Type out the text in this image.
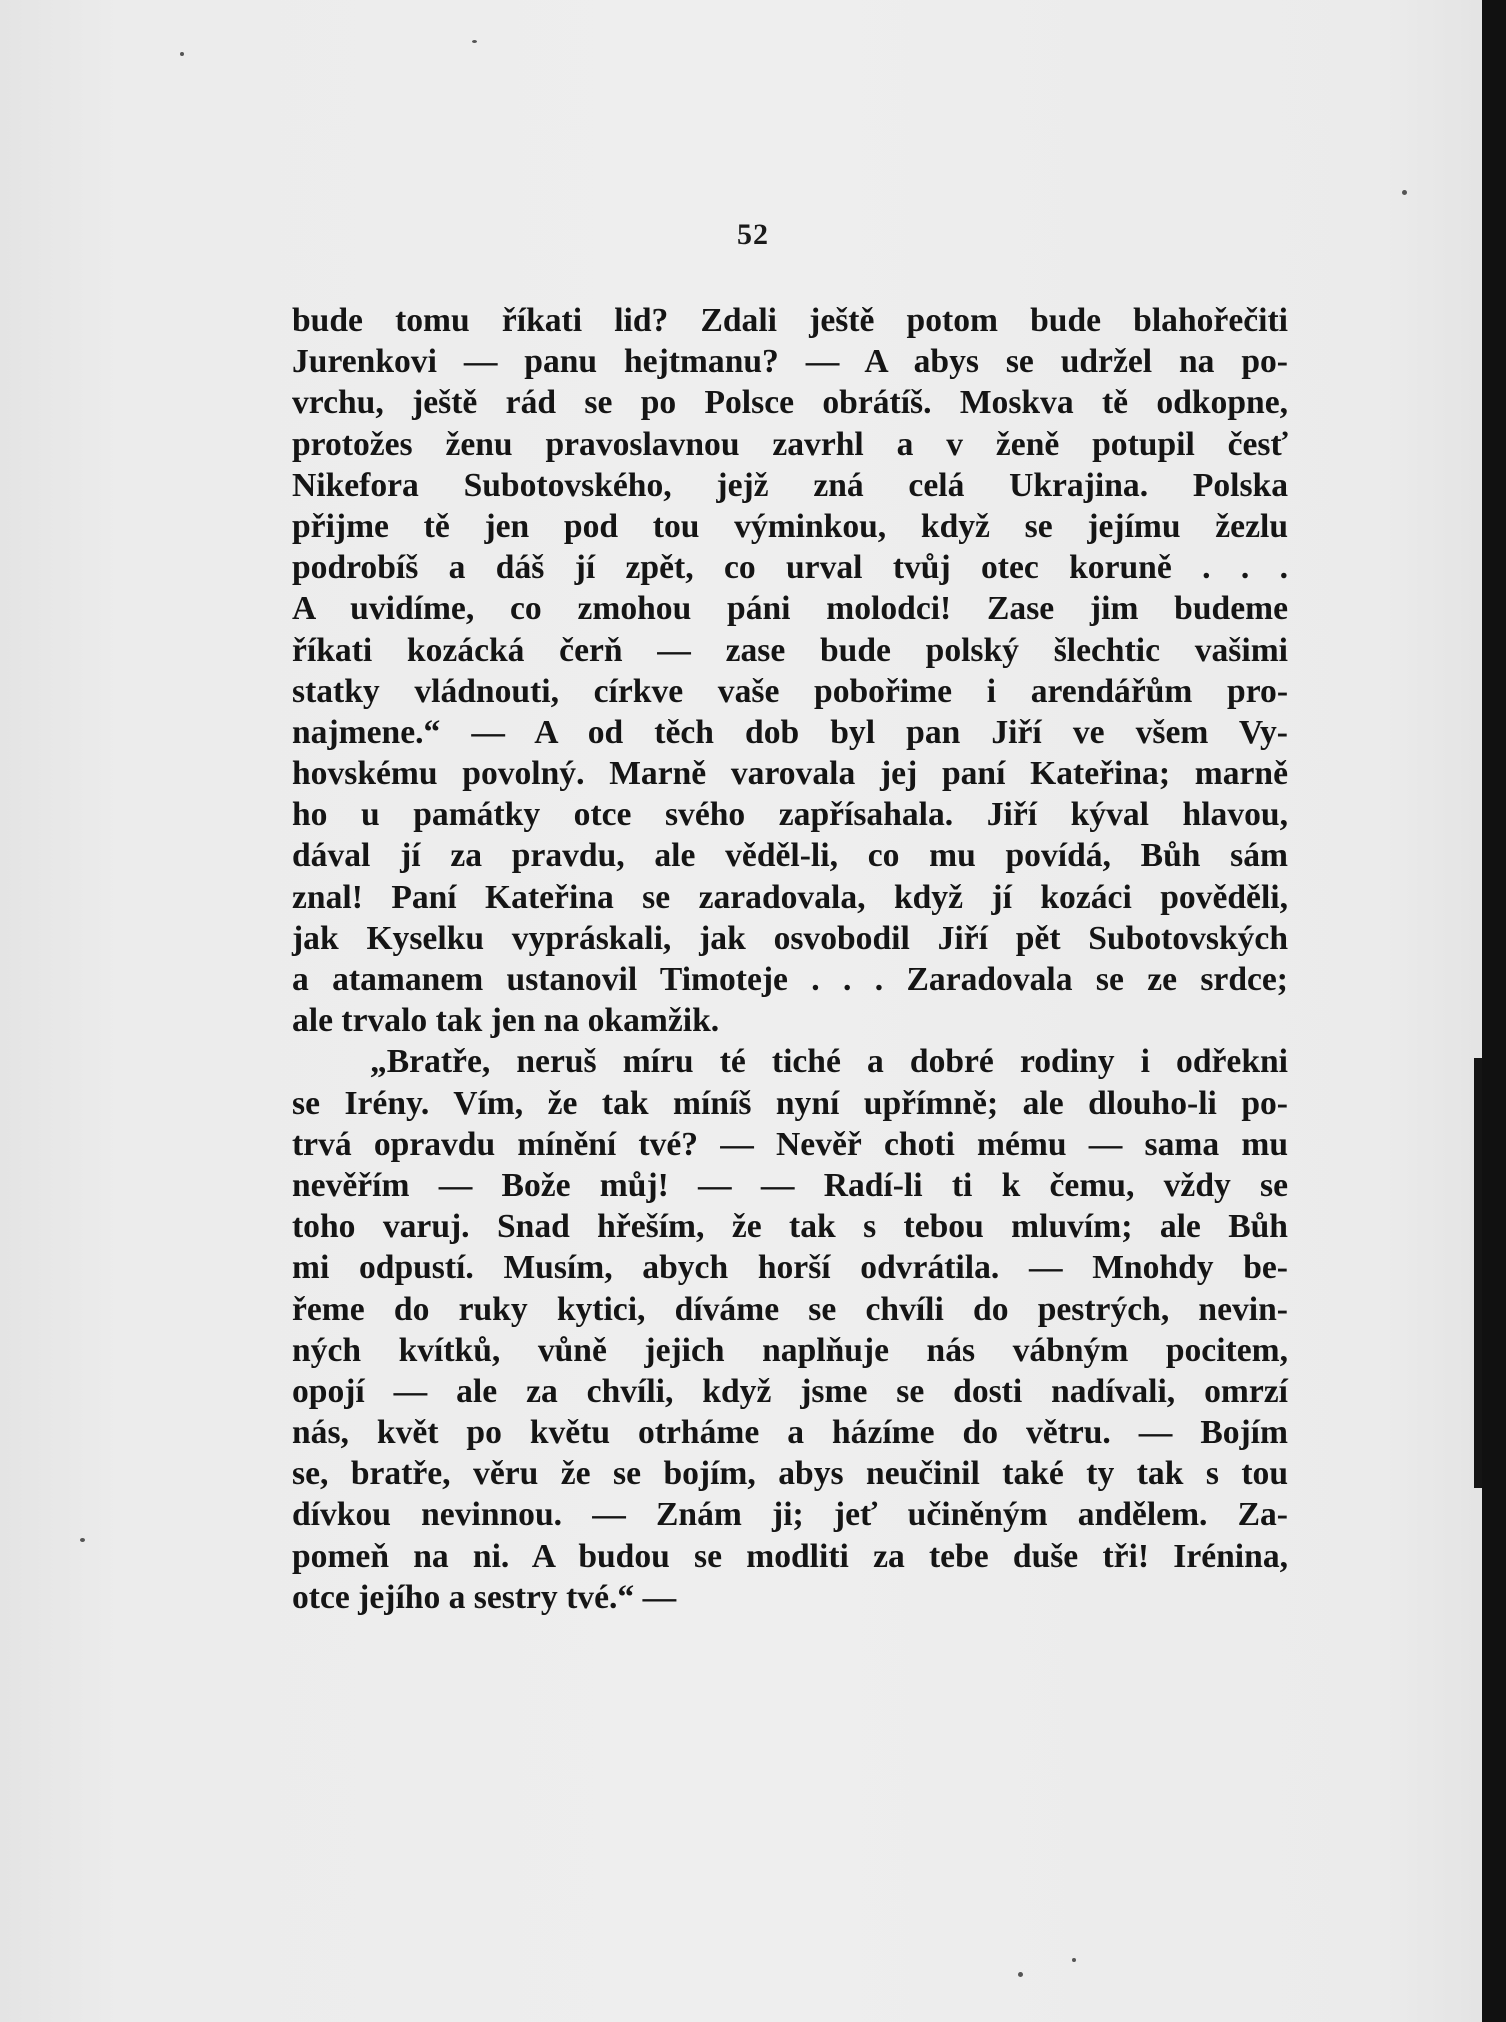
52
bude tomu říkati lid? Zdali ještě potom bude blahořečiti
Jurenkovi — panu hejtmanu? — A abys se udržel na po-
vrchu, ještě rád se po Polsce obrátíš. Moskva tě odkopne,
protožes ženu pravoslavnou zavrhl a v ženě potupil česť
Nikefora Subotovského, jejž zná celá Ukrajina. Polska
přijme tě jen pod tou výminkou, když se jejímu žezlu
podrobíš a dáš jí zpět, co urval tvůj otec koruně . . .
A uvidíme, co zmohou páni molodci! Zase jim budeme
říkati kozácká čerň — zase bude polský šlechtic vašimi
statky vládnouti, církve vaše pobořime i arendářům pro-
najmene.“ — A od těch dob byl pan Jiří ve všem Vy-
hovskému povolný. Marně varovala jej paní Kateřina; marně
ho u památky otce svého zapřísahala. Jiří kýval hlavou,
dával jí za pravdu, ale věděl-li, co mu povídá, Bůh sám
znal! Paní Kateřina se zaradovala, když jí kozáci pověděli,
jak Kyselku vypráskali, jak osvobodil Jiří pět Subotovských
a atamanem ustanovil Timoteje . . . Zaradovala se ze srdce;
ale trvalo tak jen na okamžik.
„Bratře, neruš míru té tiché a dobré rodiny i odřekni
se Irény. Vím, že tak míníš nyní upřímně; ale dlouho-li po-
trvá opravdu mínění tvé? — Nevěř choti mému — sama mu
nevěřím — Bože můj! — — Radí-li ti k čemu, vždy se
toho varuj. Snad hřeším, že tak s tebou mluvím; ale Bůh
mi odpustí. Musím, abych horší odvrátila. — Mnohdy be-
řeme do ruky kytici, díváme se chvíli do pestrých, nevin-
ných kvítků, vůně jejich naplňuje nás vábným pocitem,
opojí — ale za chvíli, když jsme se dosti nadívali, omrzí
nás, květ po květu otrháme a házíme do větru. — Bojím
se, bratře, věru že se bojím, abys neučinil také ty tak s tou
dívkou nevinnou. — Znám ji; jeť učiněným andělem. Za-
pomeň na ni. A budou se modliti za tebe duše tři! Irénina,
otce jejího a sestry tvé.“ —
